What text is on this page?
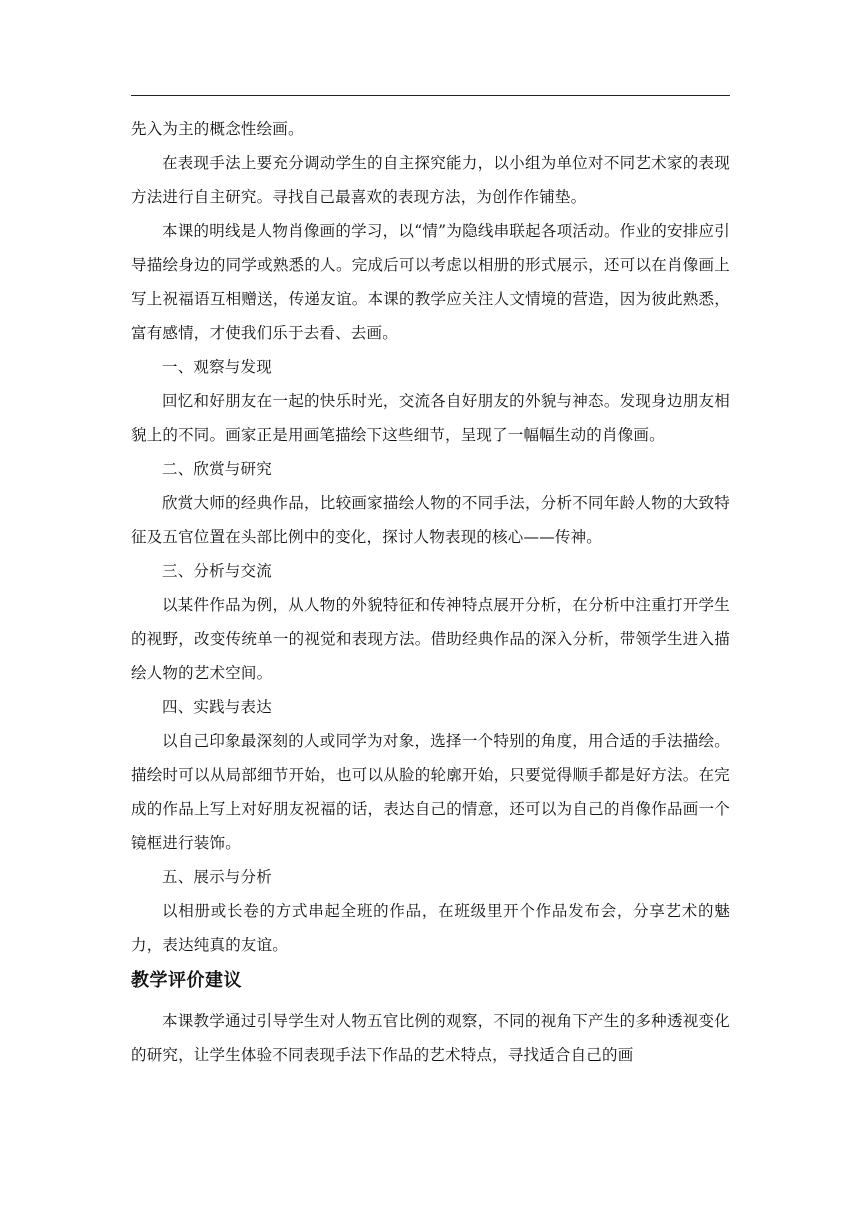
先入为主的概念性绘画。

在表现手法上要充分调动学生的自主探究能力，以小组为单位对不同艺术家的表现方法进行自主研究。寻找自己最喜欢的表现方法，为创作作铺垫。

本课的明线是人物肖像画的学习，以“情”为隐线串联起各项活动。作业的安排应引导描绘身边的同学或熟悉的人。完成后可以考虑以相册的形式展示，还可以在肖像画上写上祝福语互相赠送，传递友谊。本课的教学应关注人文情境的营造，因为彼此熟悉，富有感情，才使我们乐于去看、去画。

一、观察与发现

回忆和好朋友在一起的快乐时光，交流各自好朋友的外貌与神态。发现身边朋友相貌上的不同。画家正是用画笔描绘下这些细节，呈现了一幅幅生动的肖像画。

二、欣赏与研究

欣赏大师的经典作品，比较画家描绘人物的不同手法，分析不同年龄人物的大致特征及五官位置在头部比例中的变化，探讨人物表现的核心——传神。

三、分析与交流

以某件作品为例，从人物的外貌特征和传神特点展开分析，在分析中注重打开学生的视野，改变传统单一的视觉和表现方法。借助经典作品的深入分析，带领学生进入描绘人物的艺术空间。

四、实践与表达

以自己印象最深刻的人或同学为对象，选择一个特别的角度，用合适的手法描绘。描绘时可以从局部细节开始，也可以从脸的轮廓开始，只要觉得顺手都是好方法。在完成的作品上写上对好朋友祝福的话，表达自己的情意，还可以为自己的肖像作品画一个镜框进行装饰。

五、展示与分析

以相册或长卷的方式串起全班的作品，在班级里开个作品发布会，分享艺术的魅力，表达纯真的友谊。

教学评价建议

本课教学通过引导学生对人物五官比例的观察，不同的视角下产生的多种透视变化的研究，让学生体验不同表现手法下作品的艺术特点，寻找适合自己的画
